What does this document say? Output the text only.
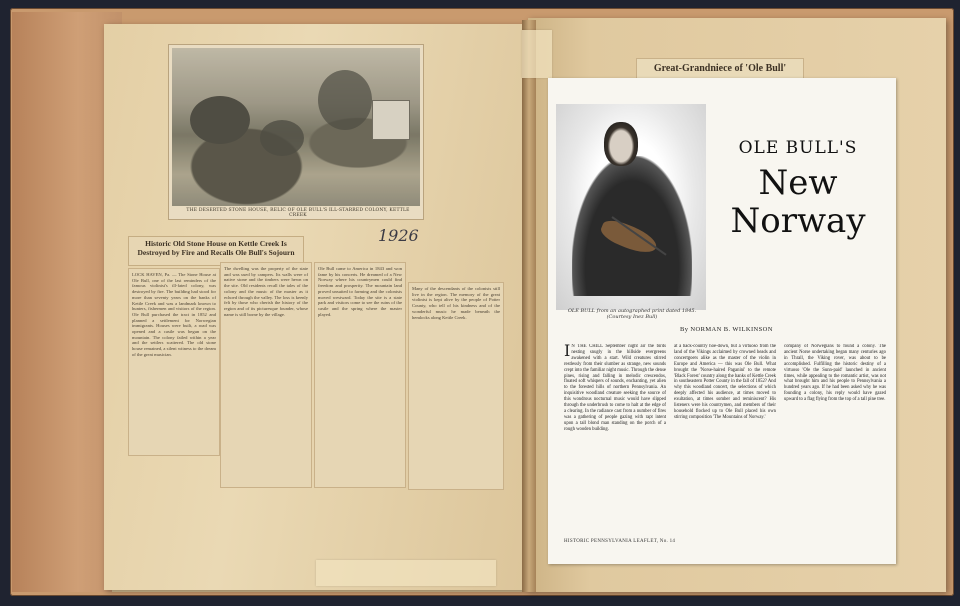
THE DESERTED STONE HOUSE, RELIC OF OLE BULL'S ILL-STARRED COLONY, KETTLE CREEK
Historic Old Stone House on Kettle Creek Is Destroyed by Fire and Recalls Ole Bull's Sojourn
1926
LOCK HAVEN, Pa. — The Stone House at Ole Bull, one of the last reminders of the famous violinist's ill-fated colony, was destroyed by fire. The building had stood for more than seventy years on the banks of Kettle Creek and was a landmark known to hunters, fishermen and visitors of the region. Ole Bull purchased the tract in 1852 and planned a settlement for Norwegian immigrants. Houses were built, a road was opened and a castle was begun on the mountain. The colony failed within a year and the settlers scattered. The old stone house remained, a silent witness to the dream of the great musician.
The dwelling was the property of the state and was used by campers. Its walls were of native stone and the timbers were hewn on the site. Old residents recall the tales of the colony and the music of the master as it echoed through the valley. The loss is keenly felt by those who cherish the history of the region and of its picturesque founder, whose name is still borne by the village.
Ole Bull came to America in 1843 and won fame by his concerts. He dreamed of a New Norway where his countrymen could find freedom and prosperity. The mountain land proved unsuited to farming and the colonists moved westward. Today the site is a state park and visitors come to see the ruins of the castle and the spring where the master played.
Many of the descendants of the colonists still live in the region. The memory of the great violinist is kept alive by the people of Potter County, who tell of his kindness and of the wonderful music he made beneath the hemlocks along Kettle Creek.
Great-Grandniece of 'Ole Bull'
OLE BULL from an autographed print dated 1845. (Courtesy Inez Bull)
OLE BULL'S
New
Norway
By NORMAN B. WILKINSON
I N THE CHILL September night air the birds nesting snugly in the hillside evergreens awakened with a start. Wild creatures stirred restlessly from their slumber as strange, new sounds crept into the familiar night music. Through the dense pines, rising and falling in melodic crescendos, floated soft whispers of sounds, enchanting, yet alien to the forested hills of northern Pennsylvania. An inquisitive woodland creature seeking the source of this wondrous nocturnal music would have slipped through the underbrush to come to halt at the edge of a clearing. In the radiance cast from a number of fires was a gathering of people gazing with rapt intent upon a tall blond man standing on the porch of a rough wooden building.
at a back-country hoe-down, but a virtuoso from the land of the Vikings acclaimed by crowned heads and concertgoers alike as the master of the violin in Europe and America — this was Ole Bull. What brought the 'Norse-haired Paganini' to the remote 'Black Forest' country along the banks of Kettle Creek in southeastern Potter County in the fall of 1852? And why this woodland concert, the selections of which deeply affected his audience, at times moved to exultation, at times somber and reminiscent? His listeners were his countrymen, and members of their household flocked up to Ole Bull placed his own stirring composition 'The Mountains of Norway.'
company of Norwegians to found a colony. The ancient Norse undertaking began many centuries ago in Thrall, the Viking rover, was about to be accomplished. Fulfilling the historic destiny of a virtuoso 'Ole the Sunn-paid' launched in ancient times, while appealing to the romantic artist, was not what brought him and his people to Pennsylvania a hundred years ago. If he had been asked why he was founding a colony, his reply would have gazed upward to a flag flying from the top of a tall pine tree.
HISTORIC PENNSYLVANIA LEAFLET, No. 14
